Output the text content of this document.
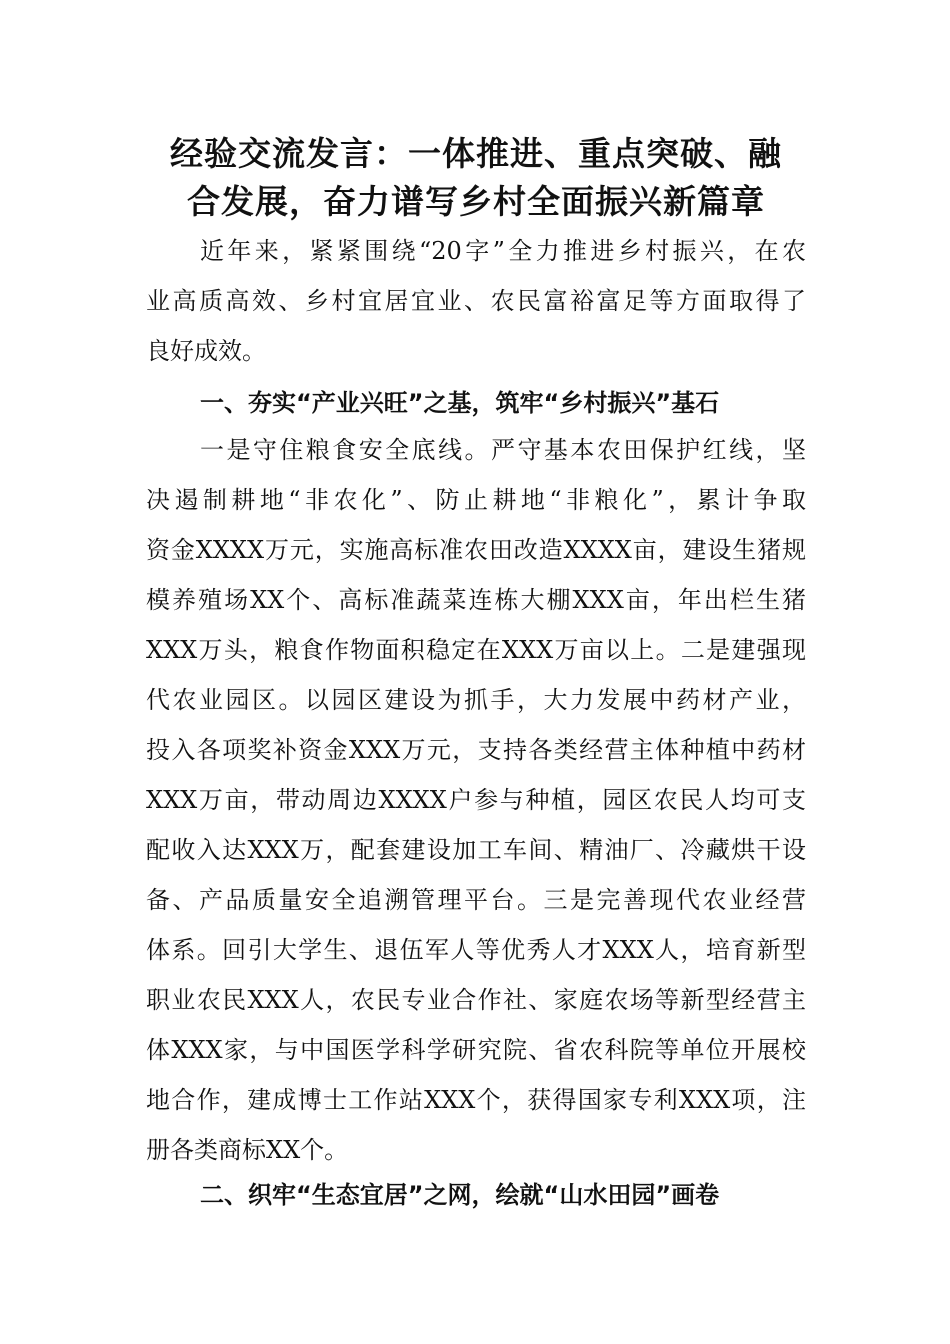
经验交流发言：一体推进、重点突破、融
合发展，奋力谱写乡村全面振兴新篇章
近年来，紧紧围绕“20字”全力推进乡村振兴，在农
业高质高效、乡村宜居宜业、农民富裕富足等方面取得了
良好成效。
一、夯实“产业兴旺”之基，筑牢“乡村振兴”基石
一是守住粮食安全底线。严守基本农田保护红线，坚
决遏制耕地“非农化”、防止耕地“非粮化”，累计争取
资金XXXX万元，实施高标准农田改造XXXX亩，建设生猪规
模养殖场XX个、高标准蔬菜连栋大棚XXX亩，年出栏生猪
XXX万头，粮食作物面积稳定在XXX万亩以上。二是建强现
代农业园区。以园区建设为抓手，大力发展中药材产业，
投入各项奖补资金XXX万元，支持各类经营主体种植中药材
XXX万亩，带动周边XXXX户参与种植，园区农民人均可支
配收入达XXX万，配套建设加工车间、精油厂、冷藏烘干设
备、产品质量安全追溯管理平台。三是完善现代农业经营
体系。回引大学生、退伍军人等优秀人才XXX人，培育新型
职业农民XXX人，农民专业合作社、家庭农场等新型经营主
体XXX家，与中国医学科学研究院、省农科院等单位开展校
地合作，建成博士工作站XXX个，获得国家专利XXX项，注
册各类商标XX个。
二、织牢“生态宜居”之网，绘就“山水田园”画卷
